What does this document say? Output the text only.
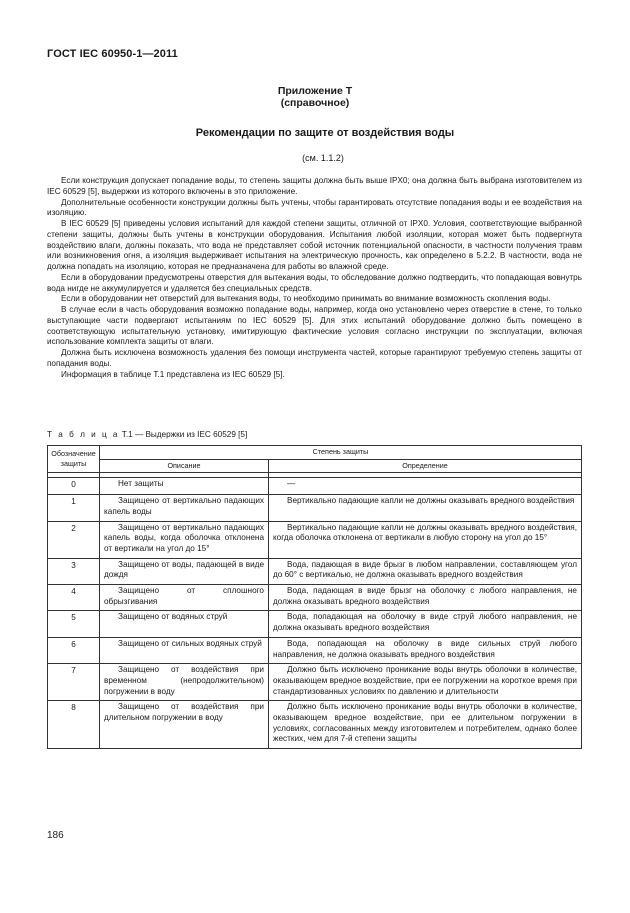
ГОСТ IEC 60950-1—2011
Приложение Т
(справочное)
Рекомендации по защите от воздействия воды
(см. 1.1.2)

Если конструкция допускает попадание воды, то степень защиты должна быть выше IPX0; она должна быть выбрана изготовителем из IEC 60529 [5], выдержки из которого включены в это приложение.

Дополнительные особенности конструкции должны быть учтены, чтобы гарантировать отсутствие попадания воды и ее воздействия на изоляцию.

В IEC 60529 [5] приведены условия испытаний для каждой степени защиты, отличной от IPX0. Условия, соответствующие выбранной степени защиты, должны быть учтены в конструкции оборудования. Испытания любой изоляции, которая может быть подвергнута воздействию влаги, должны показать, что вода не представляет собой источник потенциальной опасности, в частности получения травм или возникновения огня, а изоляция выдерживает испытания на электрическую прочность, как определено в 5.2.2. В частности, вода не должна попадать на изоляцию, которая не предназначена для работы во влажной среде.

Если в оборудовании предусмотрены отверстия для вытекания воды, то обследование должно подтвердить, что попадающая вовнутрь вода нигде не аккумулируется и удаляется без специальных средств.

Если в оборудовании нет отверстий для вытекания воды, то необходимо принимать во внимание возможность скопления воды.

В случае если в часть оборудования возможно попадание воды, например, когда оно установлено через отверстие в стене, то только выступающие части подвергают испытаниям по IEC 60529 [5]. Для этих испытаний оборудование должно быть помещено в соответствующую испытательную установку, имитирующую фактические условия согласно инструкции по эксплуатации, включая использование комплекта защиты от влаги.

Должна быть исключена возможность удаления без помощи инструмента частей, которые гарантируют требуемую степень защиты от попадания воды.

Информация в таблице Т.1 представлена из IEC 60529 [5].

Т а б л и ц а Т.1 — Выдержки из IEC 60529 [5]
Обозначение защиты	Степень защиты	
	Описание	Определение

0	Нет защиты	—
1	Защищено от вертикально падающих капель воды	Вертикально падающие капли не должны оказывать вредного воздействия
2	Защищено от вертикально падающих капель воды, когда оболочка отклонена от вертикали на угол до 15°	Вертикально падающие капли не должны оказывать вредного воздействия, когда оболочка отклонена от вертикали в любую сторону на угол до 15°
3	Защищено от воды, падающей в виде дождя	Вода, падающая в виде брызг в любом направлении, составляющем угол до 60° с вертикалью, не должна оказывать вредного воздействия
4	Защищено от сплошного обрызгивания	Вода, падающая в виде брызг на оболочку с любого направления, не должна оказывать вредного воздействия
5	Защищено от водяных струй	Вода, попадающая на оболочку в виде струй любого направления, не должна оказывать вредного воздействия
6	Защищено от сильных водяных струй	Вода, попадающая на оболочку в виде сильных струй любого направления, не должна оказывать вредного воздействия
7	Защищено от воздействия при временном (непродолжительном) погружении в воду	Должно быть исключено проникание воды внутрь оболочки в количестве, оказывающем вредное воздействие, при ее погружении на короткое время при стандартизованных условиях по давлению и длительности
8	Защищено от воздействия при длительном погружении в воду	Должно быть исключено проникание воды внутрь оболочки в количестве, оказывающем вредное воздействие, при ее длительном погружении в условиях, согласованных между изготовителем и потребителем, однако более жестких, чем для 7-й степени защиты
186
